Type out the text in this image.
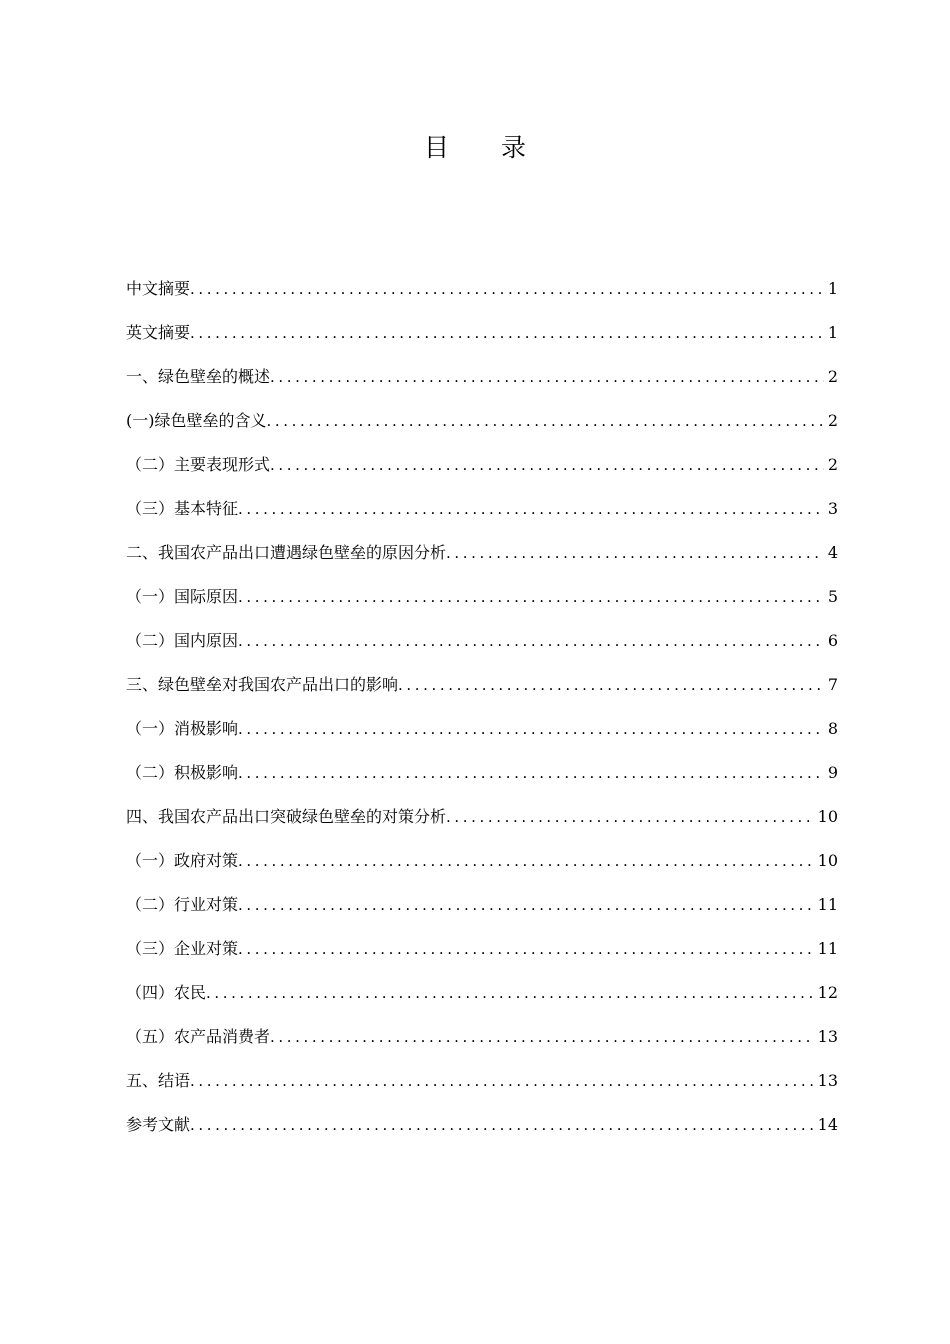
目 录
中文摘要 .....	1
英文摘要 .....	1
一、绿色壁垒的概述 .....	2
(一)绿色壁垒的含义 .....	2
（二）主要表现形式 .....	2
（三）基本特征 .....	3
二、我国农产品出口遭遇绿色壁垒的原因分析 .....	4
（一）国际原因 .....	5
（二）国内原因 .....	6
三、绿色壁垒对我国农产品出口的影响 .....	7
（一）消极影响 .....	8
（二）积极影响 .....	9
四、我国农产品出口突破绿色壁垒的对策分析 .....	10
（一）政府对策 .....	10
（二）行业对策 .....	11
（三）企业对策 .....	11
（四）农民 .....	12
（五）农产品消费者 .....	13
五、结语 .....	13
参考文献 .....	14
